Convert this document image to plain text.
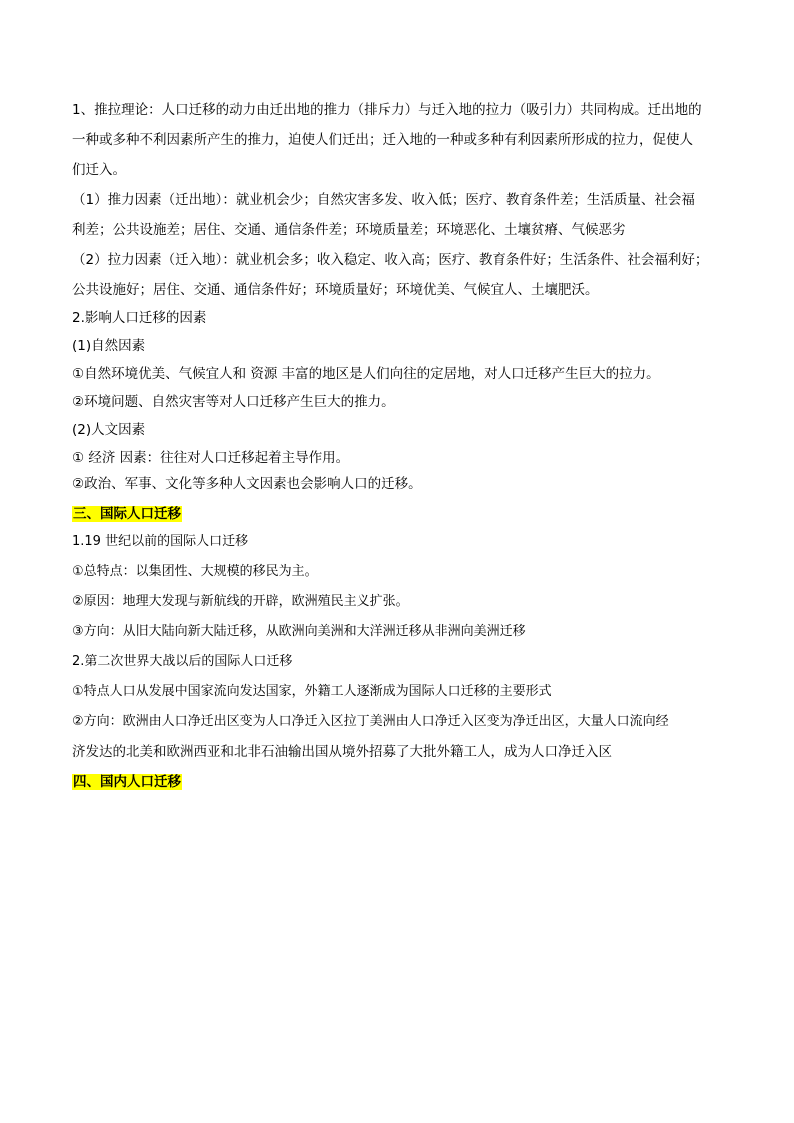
1、推拉理论：人口迁移的动力由迁出地的推力（排斥力）与迁入地的拉力（吸引力）共同构成。迁出地的
一种或多种不利因素所产生的推力，迫使人们迁出；迁入地的一种或多种有利因素所形成的拉力，促使人
们迁入。
（1）推力因素（迁出地）：就业机会少；自然灾害多发、收入低；医疗、教育条件差；生活质量、社会福
利差；公共设施差；居住、交通、通信条件差；环境质量差；环境恶化、土壤贫瘠、气候恶劣
（2）拉力因素（迁入地）：就业机会多；收入稳定、收入高；医疗、教育条件好；生活条件、社会福利好；
公共设施好；居住、交通、通信条件好；环境质量好；环境优美、气候宜人、土壤肥沃。
2.影响人口迁移的因素
(1)自然因素
①自然环境优美、气候宜人和 资源 丰富的地区是人们向往的定居地，对人口迁移产生巨大的拉力。
②环境问题、自然灾害等对人口迁移产生巨大的推力。
(2)人文因素
① 经济 因素：往往对人口迁移起着主导作用。
②政治、军事、文化等多种人文因素也会影响人口的迁移。
三、国际人口迁移
1.19 世纪以前的国际人口迁移
①总特点：以集团性、大规模的移民为主。
②原因：地理大发现与新航线的开辟，欧洲殖民主义扩张。
③方向：从旧大陆向新大陆迁移，从欧洲向美洲和大洋洲迁移从非洲向美洲迁移
2.第二次世界大战以后的国际人口迁移
①特点人口从发展中国家流向发达国家，外籍工人逐渐成为国际人口迁移的主要形式
②方向：欧洲由人口净迁出区变为人口净迁入区拉丁美洲由人口净迁入区变为净迁出区，大量人口流向经
济发达的北美和欧洲西亚和北非石油输出国从境外招募了大批外籍工人，成为人口净迁入区
四、国内人口迁移
